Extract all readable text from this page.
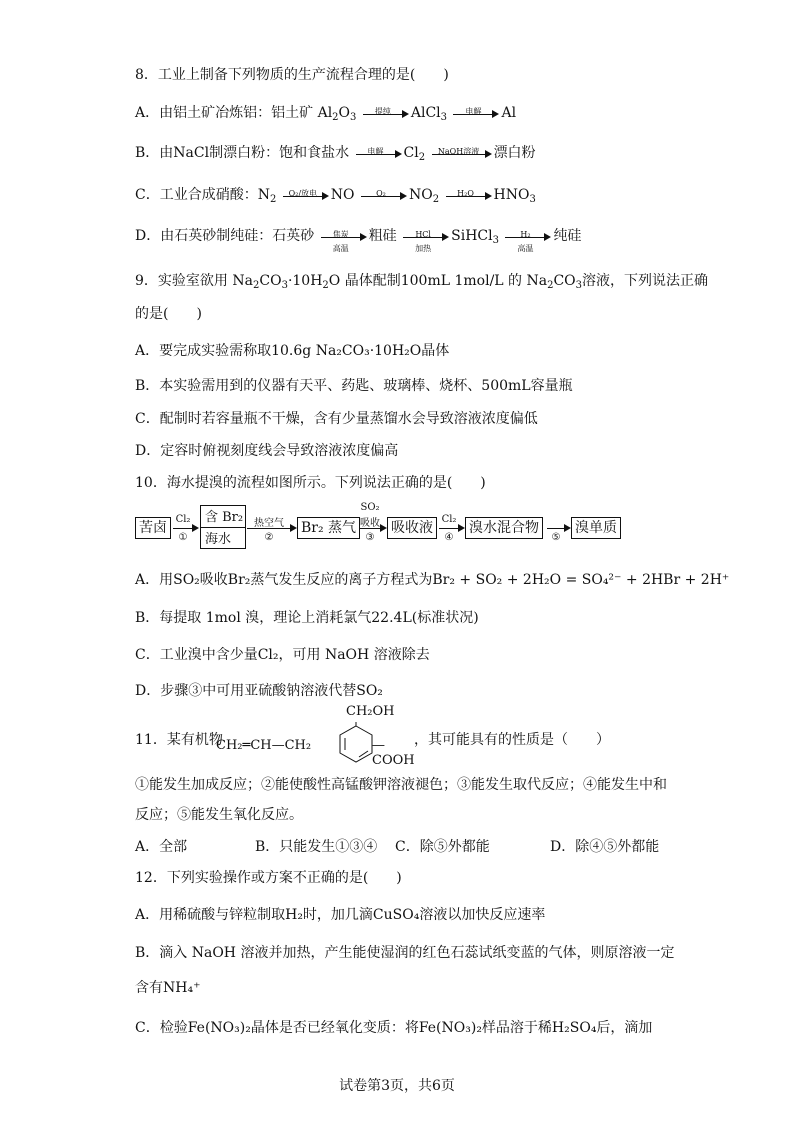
8．工业上制备下列物质的生产流程合理的是(　　)
A．由铝土矿冶炼铝：铝土矿 $Al_2O_3$
提纯	AlCl$_3$
电解	Al
B．由NaCl制漂白粉：饱和食盐水	电解	$Cl_2$
NaOH溶液	漂白粉
C．工业合成硝酸：$N_2$
O₂/放电 NO	O₂	$NO_2$
H₂O	$HNO_3$
D．由石英砂制纯硅：石英砂	焦炭
高温
粗硅	HCl
加热
SiHCl$_3$
H₂
高温
纯硅
9．实验室欲用 $Na_2CO_3\cdot 10H_2O$ 晶体配制100mL 1mol/L 的 $Na_2CO_3$溶液，下列说法正确
的是(　　)
A．要完成实验需称取10.6g Na₂CO₃·10H₂O晶体
B．本实验需用到的仪器有天平、药匙、玻璃棒、烧杯、500mL容量瓶
C．配制时若容量瓶不干燥，含有少量蒸馏水会导致溶液浓度偏低
D．定容时俯视刻度线会导致溶液浓度偏高
10．海水提溴的流程如图所示。下列说法正确的是(　　)
苦卤
Cl₂
①
含 Br₂
海水
热空气
②
Br₂ 蒸气
SO₂
吸收
③
吸收液
Cl₂
④
溴水混合物
⑤
溴单质
A．用SO₂吸收Br₂蒸气发生反应的离子方程式为Br₂ + SO₂ + 2H₂O = SO₄²⁻ + 2HBr + 2H⁺
B．每提取 1mol 溴，理论上消耗氯气22.4L(标准状况)
C．工业溴中含少量Cl₂，可用 NaOH 溶液除去
D．步骤③中可用亚硫酸钠溶液代替SO₂
11．某有机物
CH₂OH
CH₂═CH—CH₂	—COOH
，其可能具有的性质是（　　）
①能发生加成反应；②能使酸性高锰酸钾溶液褪色；③能发生取代反应；④能发生中和
反应；⑤能发生氧化反应。
A．全部	B．只能发生①③④ C．除⑤外都能	D．除④⑤外都能
12．下列实验操作或方案不正确的是(　　)
A．用稀硫酸与锌粒制取H₂时，加几滴CuSO₄溶液以加快反应速率
B．滴入 NaOH 溶液并加热，产生能使湿润的红色石蕊试纸变蓝的气体，则原溶液一定
含有NH₄⁺
C．检验Fe(NO₃)₂晶体是否已经氧化变质：将Fe(NO₃)₂样品溶于稀H₂SO₄后，滴加
试卷第3页，共6页
